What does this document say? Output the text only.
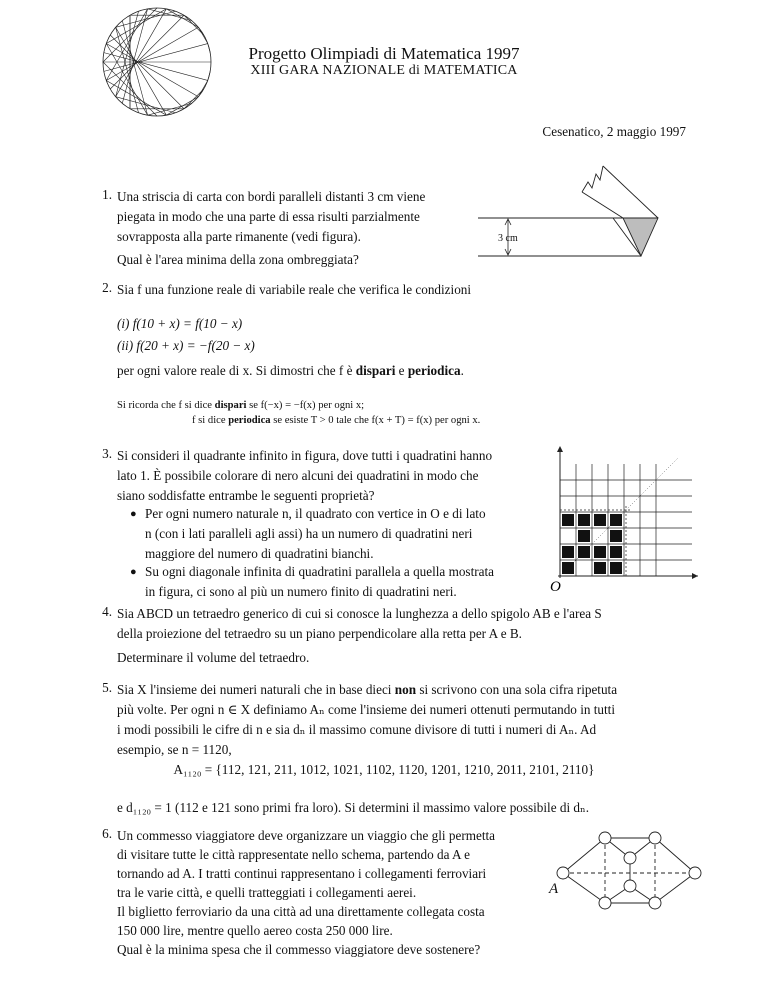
Progetto Olimpiadi di Matematica 1997
XIII GARA NAZIONALE di MATEMATICA
Cesenatico, 2 maggio 1997
1. Una striscia di carta con bordi paralleli distanti 3 cm viene
piegata in modo che una parte di essa risulti parzialmente
sovrapposta alla parte rimanente (vedi figura).
Qual è l'area minima della zona ombreggiata?
3 cm
2. Sia f una funzione reale di variabile reale che verifica le condizioni
(i) f(10 + x) = f(10 − x)
(ii) f(20 + x) = −f(20 − x)
per ogni valore reale di x. Si dimostri che f è dispari e periodica.
Si ricorda che f si dice dispari se f(−x) = −f(x) per ogni x;
f si dice periodica se esiste T > 0 tale che f(x + T) = f(x) per ogni x.
3. Si consideri il quadrante infinito in figura, dove tutti i quadratini hanno
lato 1. È possibile colorare di nero alcuni dei quadratini in modo che
siano soddisfatte entrambe le seguenti proprietà?
● Per ogni numero naturale n, il quadrato con vertice in O e di lato
n (con i lati paralleli agli assi) ha un numero di quadratini neri
maggiore del numero di quadratini bianchi.
● Su ogni diagonale infinita di quadratini parallela a quella mostrata
in figura, ci sono al più un numero finito di quadratini neri.	O
4. Sia ABCD un tetraedro generico di cui si conosce la lunghezza a dello spigolo AB e l'area S
della proiezione del tetraedro su un piano perpendicolare alla retta per A e B.
Determinare il volume del tetraedro.
5. Sia X l'insieme dei numeri naturali che in base dieci non si scrivono con una sola cifra ripetuta
più volte. Per ogni n ∈ X definiamo Aₙ come l'insieme dei numeri ottenuti permutando in tutti
i modi possibili le cifre di n e sia dₙ il massimo comune divisore di tutti i numeri di Aₙ. Ad
esempio, se n = 1120,
A₁₁₂₀ = {112, 121, 211, 1012, 1021, 1102, 1120, 1201, 1210, 2011, 2101, 2110}
e d₁₁₂₀ = 1 (112 e 121 sono primi fra loro). Si determini il massimo valore possibile di dₙ.
6. Un commesso viaggiatore deve organizzare un viaggio che gli permetta
di visitare tutte le città rappresentate nello schema, partendo da A e
tornando ad A. I tratti continui rappresentano i collegamenti ferroviari
tra le varie città, e quelli tratteggiati i collegamenti aerei.
Il biglietto ferroviario da una città ad una direttamente collegata costa
150 000 lire, mentre quello aereo costa 250 000 lire.
Qual è la minima spesa che il commesso viaggiatore deve sostenere?
A
